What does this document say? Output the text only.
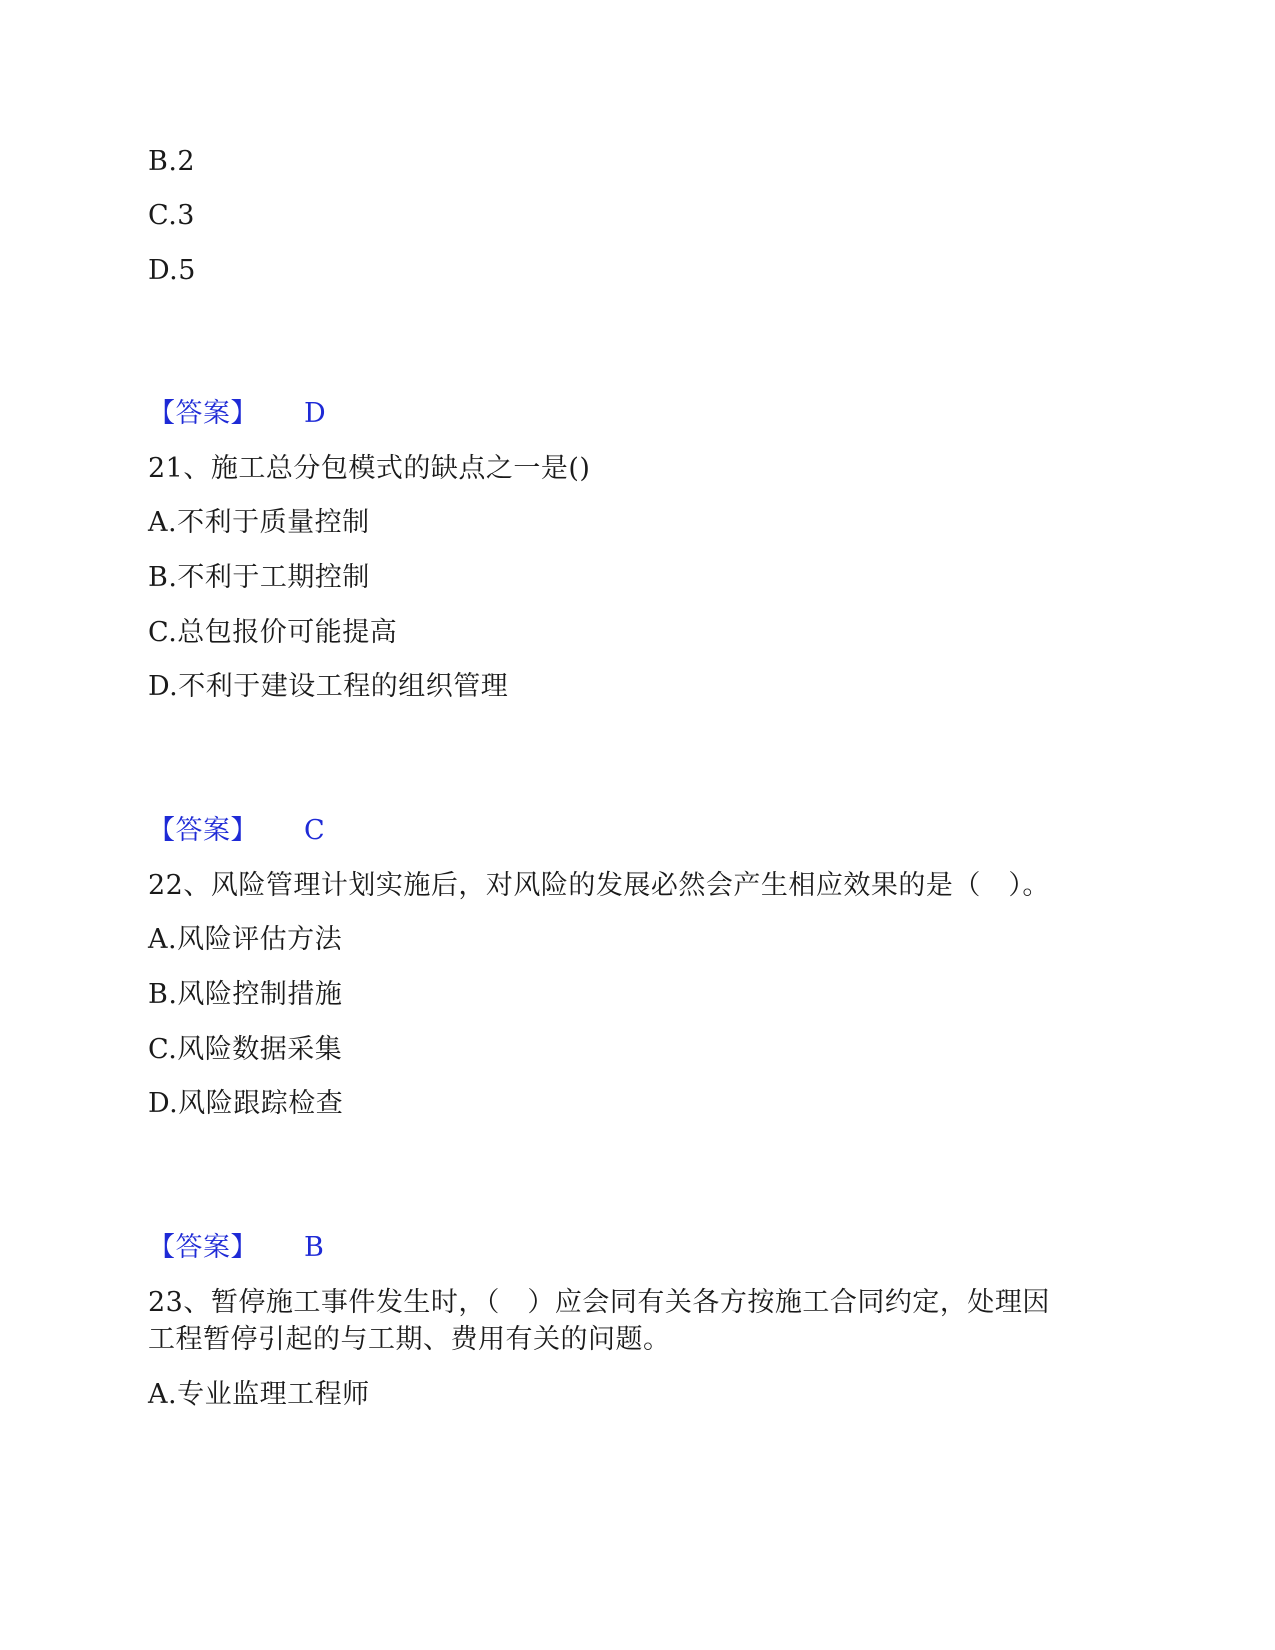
B.2
C.3
D.5
【答案】 D
21、施工总分包模式的缺点之一是()
A.不利于质量控制
B.不利于工期控制
C.总包报价可能提高
D.不利于建设工程的组织管理
【答案】 C
22、风险管理计划实施后，对风险的发展必然会产生相应效果的是（　）。
A.风险评估方法
B.风险控制措施
C.风险数据采集
D.风险跟踪检查
【答案】 B
23、暂停施工事件发生时，（　）应会同有关各方按施工合同约定，处理因
工程暂停引起的与工期、费用有关的问题。
A.专业监理工程师
